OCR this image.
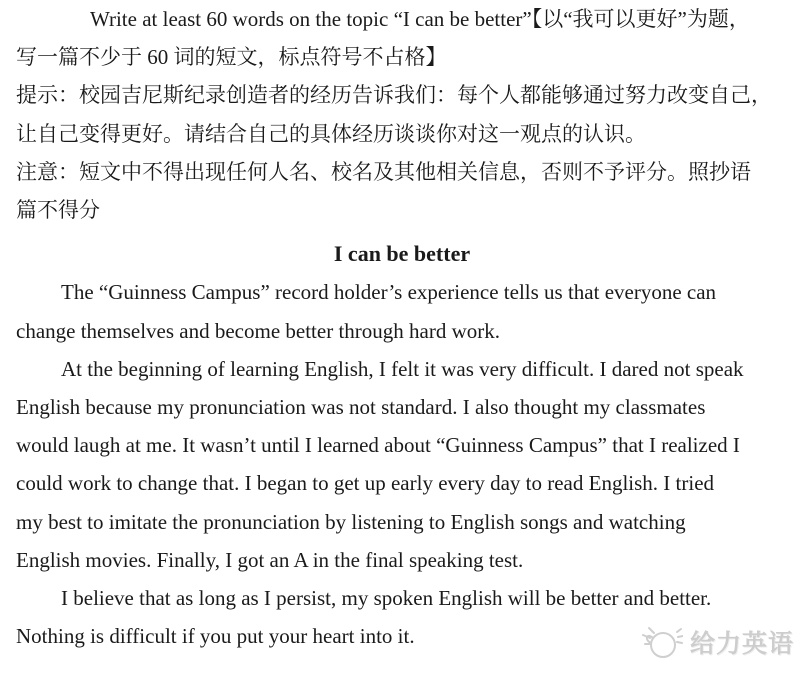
Write at least 60 words on the topic “I can be better”【以“我可以更好”为题，
写一篇不少于 60 词的短文，标点符号不占格】
提示：校园吉尼斯纪录创造者的经历告诉我们：每个人都能够通过努力改变自己，
让自己变得更好。请结合自己的具体经历谈谈你对这一观点的认识。
注意：短文中不得出现任何人名、校名及其他相关信息，否则不予评分。照抄语
篇不得分
I can be better
The “Guinness Campus” record holder’s experience tells us that everyone can
change themselves and become better through hard work.
At the beginning of learning English, I felt it was very difficult. I dared not speak
English because my pronunciation was not standard. I also thought my classmates
would laugh at me. It wasn’t until I learned about “Guinness Campus” that I realized I
could work to change that. I began to get up early every day to read English. I tried
my best to imitate the pronunciation by listening to English songs and watching
English movies. Finally, I got an A in the final speaking test.
I believe that as long as I persist, my spoken English will be better and better.
Nothing is difficult if you put your heart into it.	给力英语
